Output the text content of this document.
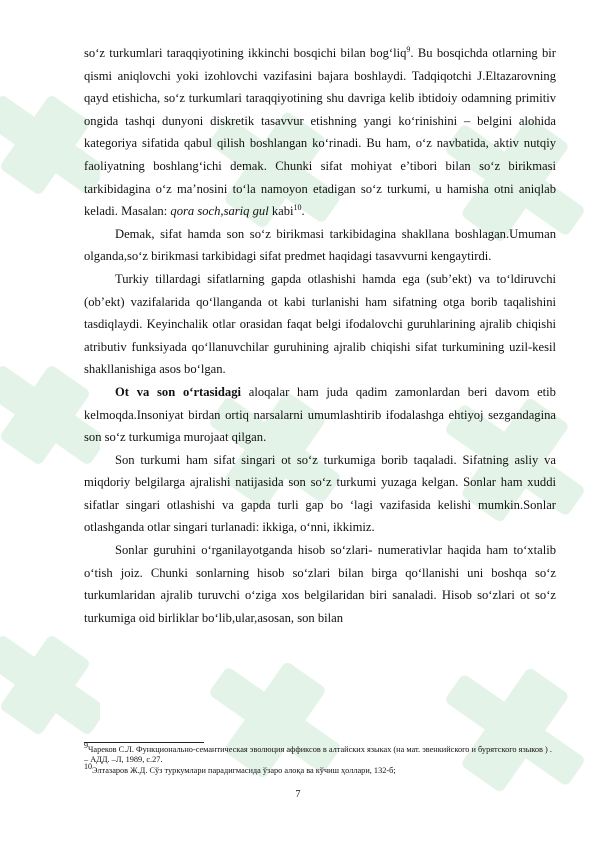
so‘z turkumlari taraqqiyotining ikkinchi bosqichi bilan bog‘liq$^9$. Bu bosqichda otlarning bir qismi aniqlovchi yoki izohlovchi vazifasini bajara boshlaydi. Tadqiqotchi J.Eltazarovning qayd etishicha, so‘z turkumlari taraqqiyotining shu davriga kelib ibtidoiy odamning primitiv ongida tashqi dunyoni diskretik tasavvur etishning yangi ko‘rinishini – belgini alohida kategoriya sifatida qabul qilish boshlangan ko‘rinadi. Bu ham, o‘z navbatida, aktiv nutqiy faoliyatning boshlang‘ichi demak. Chunki sifat mohiyat e’tibori bilan so‘z birikmasi tarkibidagina o‘z ma’nosini to‘la namoyon etadigan so‘z turkumi, u hamisha otni aniqlab keladi. Masalan: qora soch,sariq gul kabi$^{10}$.

Demak, sifat hamda son so‘z birikmasi tarkibidagina shakllana boshlagan.Umuman olganda,so‘z birikmasi tarkibidagi sifat predmet haqidagi tasavvurni kengaytirdi.

Turkiy tillardagi sifatlarning gapda otlashishi hamda ega (sub’ekt) va to‘ldiruvchi (ob’ekt) vazifalarida qo‘llanganda ot kabi turlanishi ham sifatning otga borib taqalishini tasdiqlaydi. Keyinchalik otlar orasidan faqat belgi ifodalovchi guruhlarining ajralib chiqishi atributiv funksiyada qo‘llanuvchilar guruhining ajralib chiqishi sifat turkumining uzil-kesil shakllanishiga asos bo‘lgan.

Ot va son o‘rtasidagi aloqalar ham juda qadim zamonlardan beri davom etib kelmoqda.Insoniyat birdan ortiq narsalarni umumlashtirib ifodalashga ehtiyoj sezgandagina son so‘z turkumiga murojaat qilgan.

Son turkumi ham sifat singari ot so‘z turkumiga borib taqaladi. Sifatning asliy va miqdoriy belgilarga ajralishi natijasida son so‘z turkumi yuzaga kelgan. Sonlar ham xuddi sifatlar singari otlashishi va gapda turli gap bo ‘lagi vazifasida kelishi mumkin.Sonlar otlashganda otlar singari turlanadi: ikkiga, o‘nni, ikkimiz.

Sonlar guruhini o‘rganilayotganda hisob so‘zlari- numerativlar haqida ham to‘xtalib o‘tish joiz. Chunki sonlarning hisob so‘zlari bilan birga qo‘llanishi uni boshqa so‘z turkumlaridan ajralib turuvchi o‘ziga xos belgilaridan biri sanaladi. Hisob so‘zlari ot so‘z turkumiga oid birliklar bo‘lib,ular,asosan, son bilan

9Чареков С.Л. Функционально-семантическая эволюция аффиксов в алтайских языках (на мат. эвенкийского и бурятского языков ) . – АДД. –Л, 1989, с.27.
10Элтазаров Ж.Д. Сўз туркумлари парадигмасида ўзаро алоқа ва кўчиш ҳоллари, 132-б;
7
